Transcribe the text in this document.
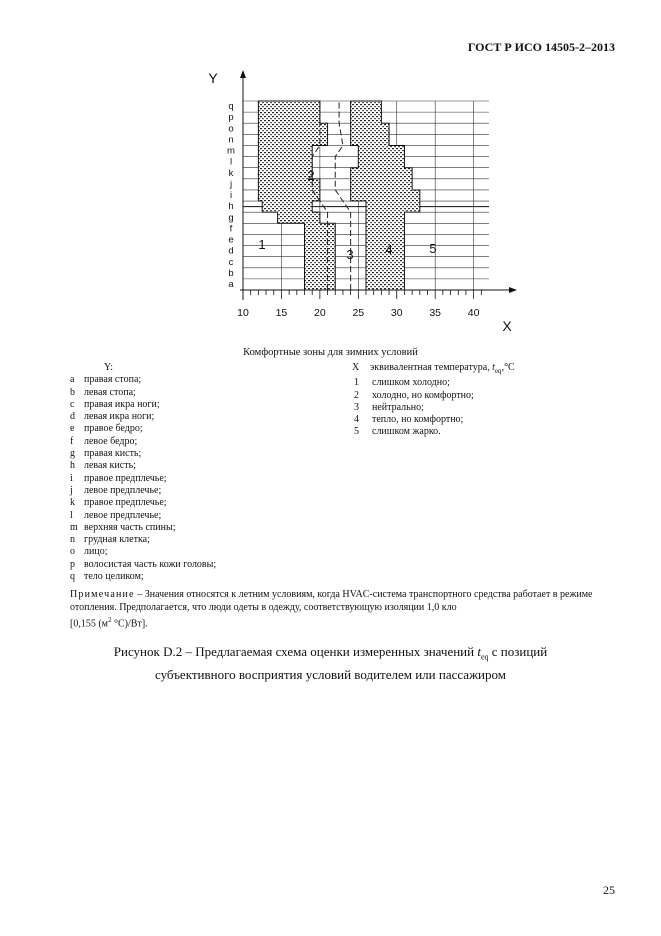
ГОСТ Р ИСО 14505-2–2013
10	15	20	25	30	35	40
a
b
c
d
e
f
g
h
i
j
k
l
m
n
o
p
q
Y
X
1
2
3 4	5
Комфортные зоны для зимних условий
Y:
a правая стопа;
b левая стопа;
c правая икра ноги;
d левая икра ноги;
e правое бедро;
f	левое бедро;
g правая кисть;
h левая кисть;
i	правое предплечье;
j	левое предплечье;
k правое предплечье;
l	левое предплечье;
m верхняя часть спины;
n грудная клетка;
o лицо;
p волосистая часть кожи головы;
q тело целиком;
X	эквивалентная температура, $t_{eq},^\circ C$
1	слишком холодно;
2	холодно, но комфортно;
3	нейтрально;
4	тепло, но комфортно;
5	слишком жарко.
Примечание – Значения относятся к летним условиям, когда HVAC-система транспортного средства работает в режиме отопления. Предполагается, что люди одеты в одежду, соответствующую изоляции 1,0 кло
[0,155 ($м^2$ °C)/Вт].
Рисунок D.2 – Предлагаемая схема оценки измеренных значений $t_{eq}$ с позиций
субъективного восприятия условий водителем или пассажиром
25
